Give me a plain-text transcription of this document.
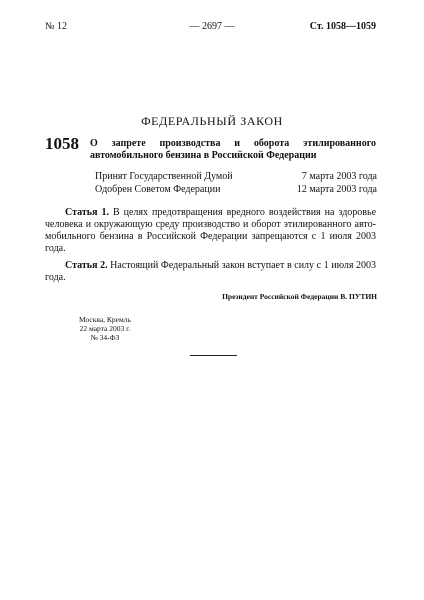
№ 12	— 2697 —	Ст. 1058—1059
ФЕДЕРАЛЬНЫЙ ЗАКОН
1058 О запрете производства и оборота этилированного автомобильного бензина в Российской Федерации
Принят Государственной Думой	7 марта 2003 года
Одобрен Советом Федерации	12 марта 2003 года
Статья 1. В целях предотвращения вредного воздействия на здоровье человека и окружающую среду производство и оборот этилированного авто-мобильного бензина в Российской Федерации запрещаются с 1 июля 2003 года.
Статья 2. Настоящий Федеральный закон вступает в силу с 1 июля 2003 года.
Президент Российской Федерации В. ПУТИН
Москва, Кремль
22 марта 2003 г.
№ 34-ФЗ
